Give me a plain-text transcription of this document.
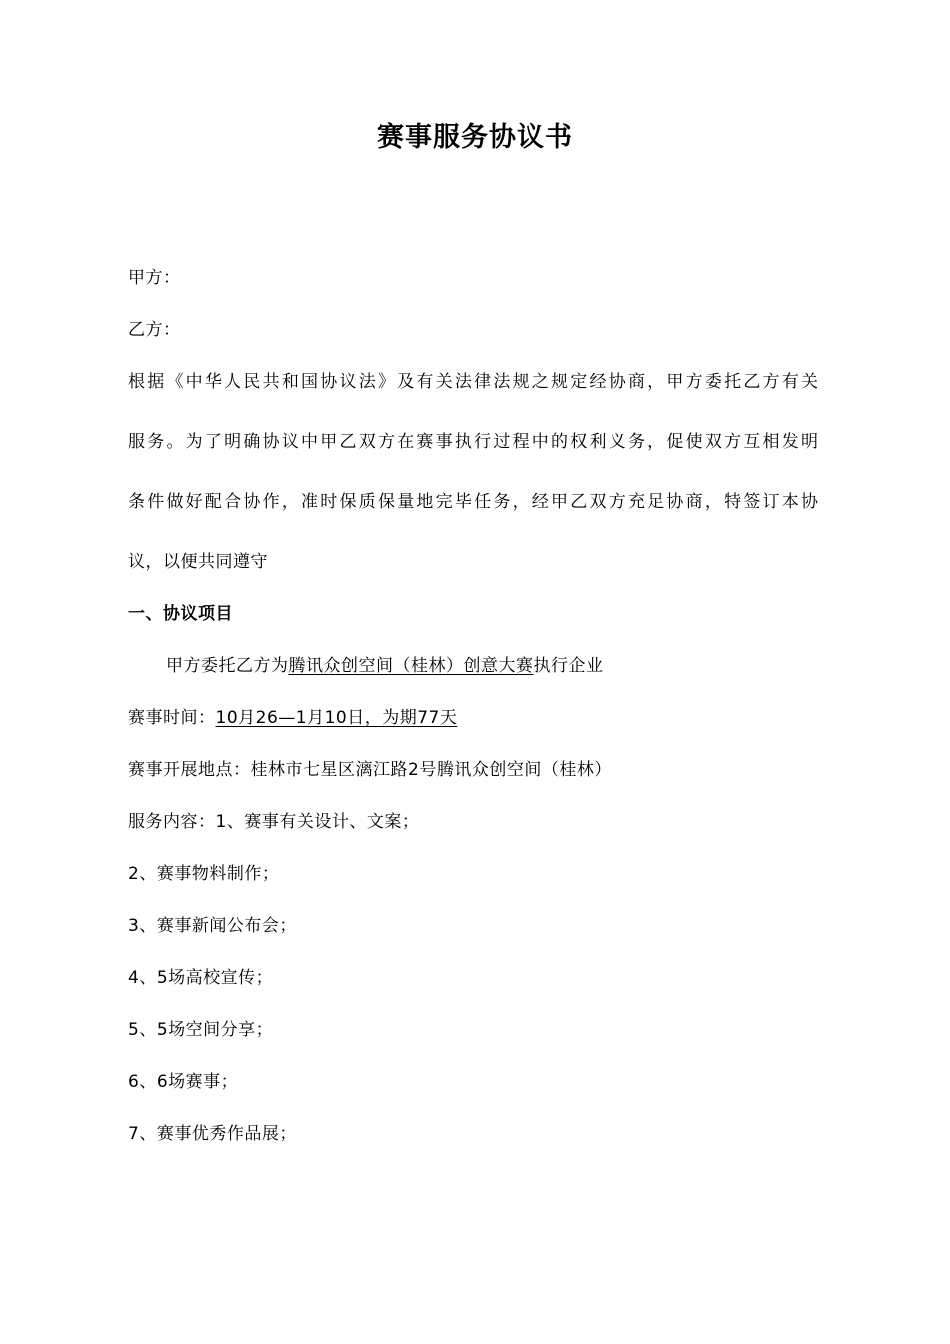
赛事服务协议书
甲方：
乙方：
根据《中华人民共和国协议法》及有关法律法规之规定经协商，甲方委托乙方有关
服务。为了明确协议中甲乙双方在赛事执行过程中的权利义务，促使双方互相发明
条件做好配合协作，准时保质保量地完毕任务，经甲乙双方充足协商，特签订本协
议，以便共同遵守
一、协议项目
甲方委托乙方为腾讯众创空间（桂林）创意大赛执行企业
赛事时间：10月26—1月10日，为期77天
赛事开展地点：桂林市七星区漓江路2号腾讯众创空间（桂林）
服务内容：1、赛事有关设计、文案；
2、赛事物料制作；
3、赛事新闻公布会；
4、5场高校宣传；
5、5场空间分享；
6、6场赛事；
7、赛事优秀作品展；
